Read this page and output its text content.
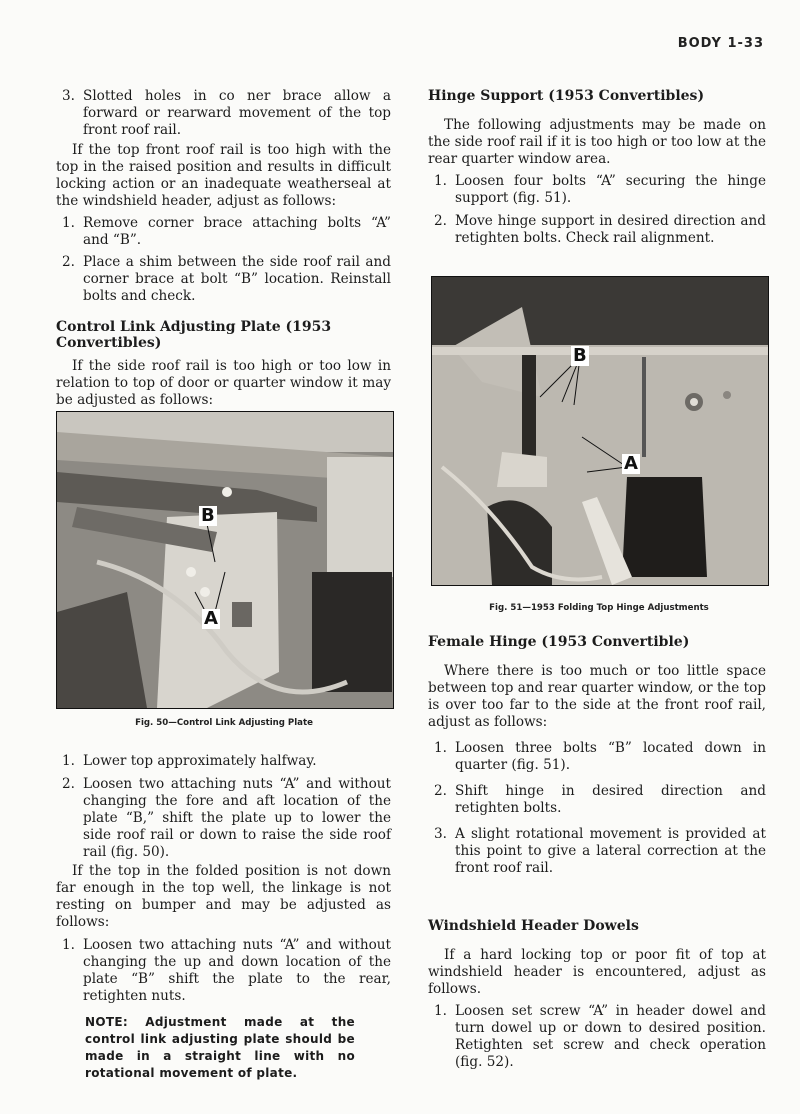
BODY 1-33
3. Slotted holes in co ner brace allow a forward or rearward movement of the top front roof rail.

If the top front roof rail is too high with the top in the raised position and results in difficult locking action or an inadequate weatherseal at the windshield header, adjust as follows:

1. Remove corner brace attaching bolts “A” and “B”.
2. Place a shim between the side roof rail and corner brace at bolt “B” location. Reinstall bolts and check.
Control Link Adjusting Plate (1953 Convertibles)

If the side roof rail is too high or too low in relation to top of door or quarter window it may be adjusted as follows:

B
A
Fig. 50—Control Link Adjusting Plate
1. Lower top approximately halfway.
2. Loosen two attaching nuts “A” and without changing the fore and aft location of the plate “B,” shift the plate up to lower the side roof rail or down to raise the side roof rail (fig. 50).

If the top in the folded position is not down far enough in the top well, the linkage is not resting on bumper and may be adjusted as follows:

1. Loosen two attaching nuts “A” and without changing the up and down location of the plate “B” shift the plate to the rear, retighten nuts.
NOTE: Adjustment made at the control link adjusting plate should be made in a straight line with no rotational movement of plate.
Hinge Support (1953 Convertibles)

The following adjustments may be made on the side roof rail if it is too high or too low at the rear quarter window area.

1. Loosen four bolts “A” securing the hinge support (fig. 51).
2. Move hinge support in desired direction and retighten bolts. Check rail alignment.
B
A
Fig. 51—1953 Folding Top Hinge Adjustments
Female Hinge (1953 Convertible)

Where there is too much or too little space between top and rear quarter window, or the top is over too far to the side at the front roof rail, adjust as follows:

1. Loosen three bolts “B” located down in quarter (fig. 51).
2. Shift hinge in desired direction and retighten bolts.
3. A slight rotational movement is provided at this point to give a lateral correction at the front roof rail.
Windshield Header Dowels

If a hard locking top or poor fit of top at windshield header is encountered, adjust as follows.

1. Loosen set screw “A” in header dowel and turn dowel up or down to desired position. Retighten set screw and check operation (fig. 52).
